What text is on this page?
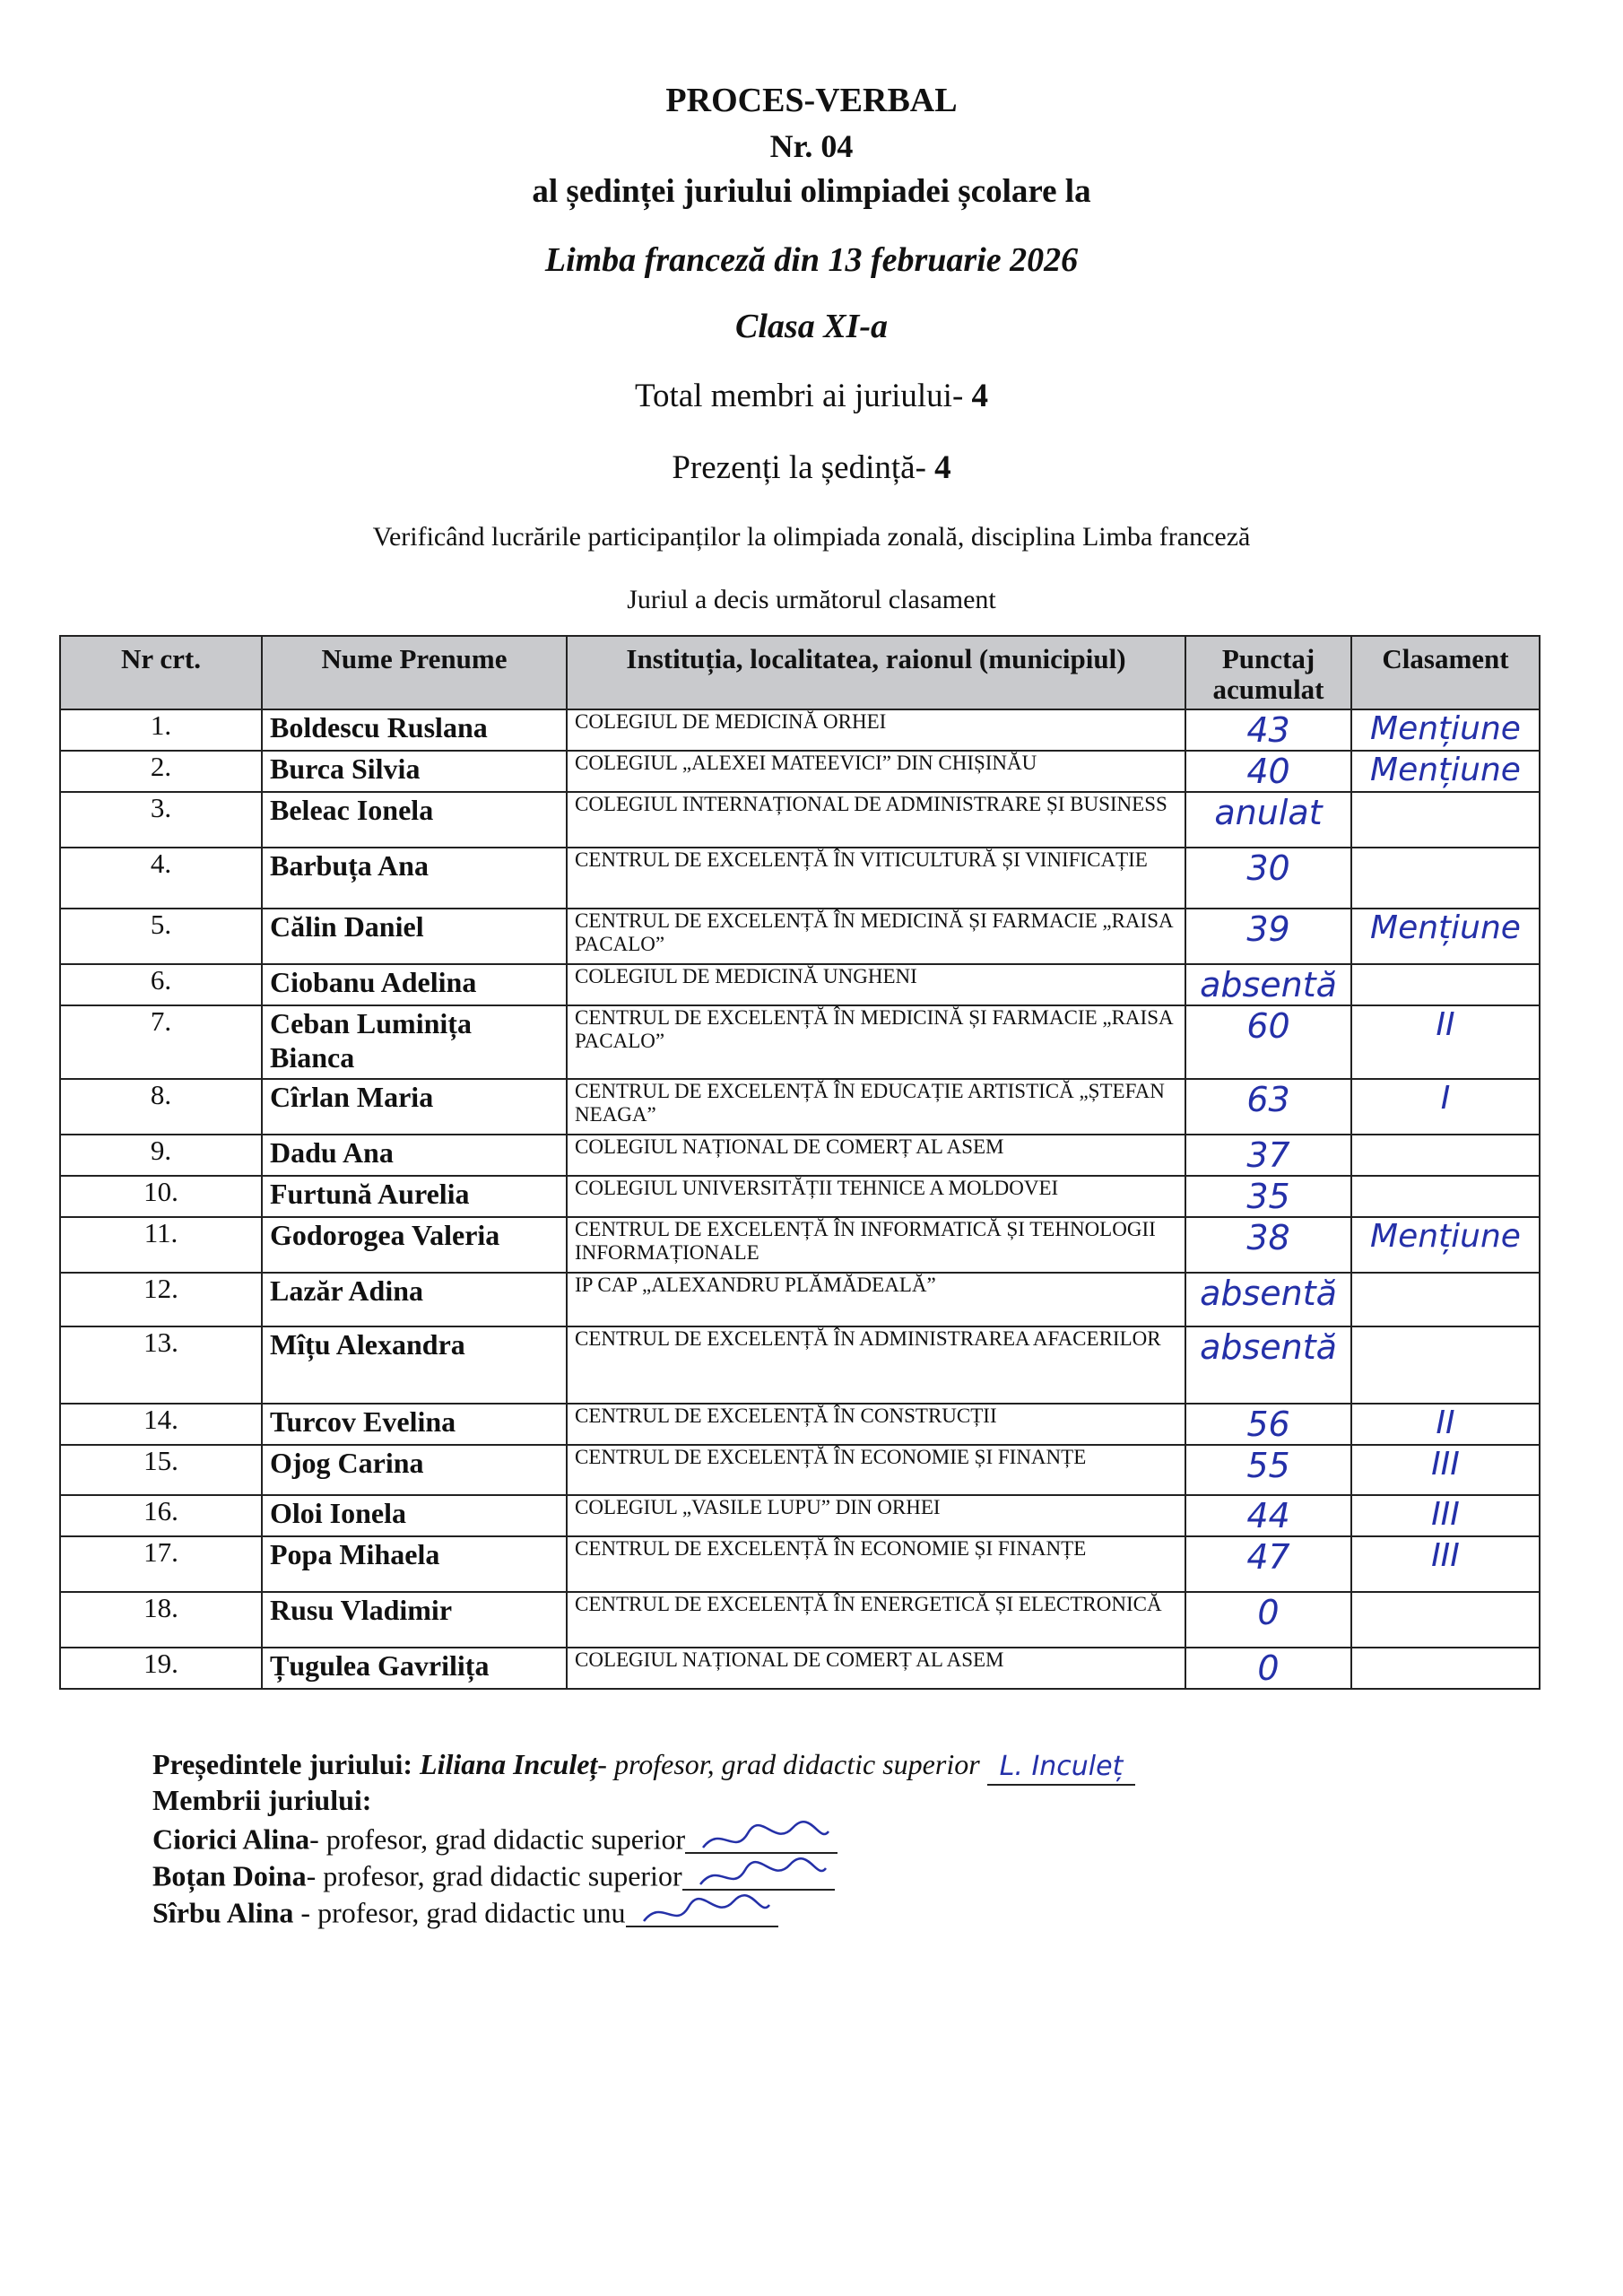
PROCES-VERBAL
Nr. 04
al ședinței juriului olimpiadei școlare la
Limba franceză din 13 februarie 2026
Clasa XI-a
Total membri ai juriului- 4
Prezenți la ședință- 4
Verificând lucrările participanților la olimpiada zonală, disciplina Limba franceză
Juriul a decis următorul clasament
Nr crt.	Nume Prenume	Instituția, localitatea, raionul (municipiul)	Punctaj acumulat	Clasament
1.	Boldescu Ruslana	COLEGIUL DE MEDICINĂ ORHEI	43	Mențiune
2.	Burca Silvia	COLEGIUL „ALEXEI MATEEVICI” DIN CHIȘINĂU	40	Mențiune
3.	Beleac Ionela	COLEGIUL INTERNAȚIONAL DE ADMINISTRARE ȘI BUSINESS	anulat	
4.	Barbuța Ana	CENTRUL DE EXCELENȚĂ ÎN VITICULTURĂ ȘI VINIFICAȚIE	30	
5.	Călin Daniel	CENTRUL DE EXCELENȚĂ ÎN MEDICINĂ ȘI FARMACIE „RAISA PACALO”	39	Mențiune
6.	Ciobanu Adelina	COLEGIUL DE MEDICINĂ UNGHENI	absentă	
7.	Ceban Luminița Bianca	CENTRUL DE EXCELENȚĂ ÎN MEDICINĂ ȘI FARMACIE „RAISA PACALO”	60	II
8.	Cîrlan Maria	CENTRUL DE EXCELENȚĂ ÎN EDUCAȚIE ARTISTICĂ „ȘTEFAN NEAGA”	63	I
9.	Dadu Ana	COLEGIUL NAȚIONAL DE COMERȚ AL ASEM	37	
10.	Furtună Aurelia	COLEGIUL UNIVERSITĂȚII TEHNICE A MOLDOVEI	35	
11.	Godorogea Valeria	CENTRUL DE EXCELENȚĂ ÎN INFORMATICĂ ȘI TEHNOLOGII INFORMAȚIONALE	38	Mențiune
12.	Lazăr Adina	IP CAP „ALEXANDRU PLĂMĂDEALĂ”	absentă	
13.	Mîțu Alexandra	CENTRUL DE EXCELENȚĂ ÎN ADMINISTRAREA AFACERILOR	absentă	
14.	Turcov Evelina	CENTRUL DE EXCELENȚĂ ÎN CONSTRUCȚII	56	II
15.	Ojog Carina	CENTRUL DE EXCELENȚĂ ÎN ECONOMIE ȘI FINANȚE	55	III
16.	Oloi Ionela	COLEGIUL „VASILE LUPU” DIN ORHEI	44	III
17.	Popa Mihaela	CENTRUL DE EXCELENȚĂ ÎN ECONOMIE ȘI FINANȚE	47	III
18.	Rusu Vladimir	CENTRUL DE EXCELENȚĂ ÎN ENERGETICĂ ȘI ELECTRONICĂ	0	
19.	Țugulea Gavrilița	COLEGIUL NAȚIONAL DE COMERȚ AL ASEM	0	
Președintele juriului: Liliana Inculeț- profesor, grad didactic superior L. Inculeț
Membrii juriului:
Ciorici Alina- profesor, grad didactic superior
Boțan Doina- profesor, grad didactic superior
Sîrbu Alina - profesor, grad didactic unu
